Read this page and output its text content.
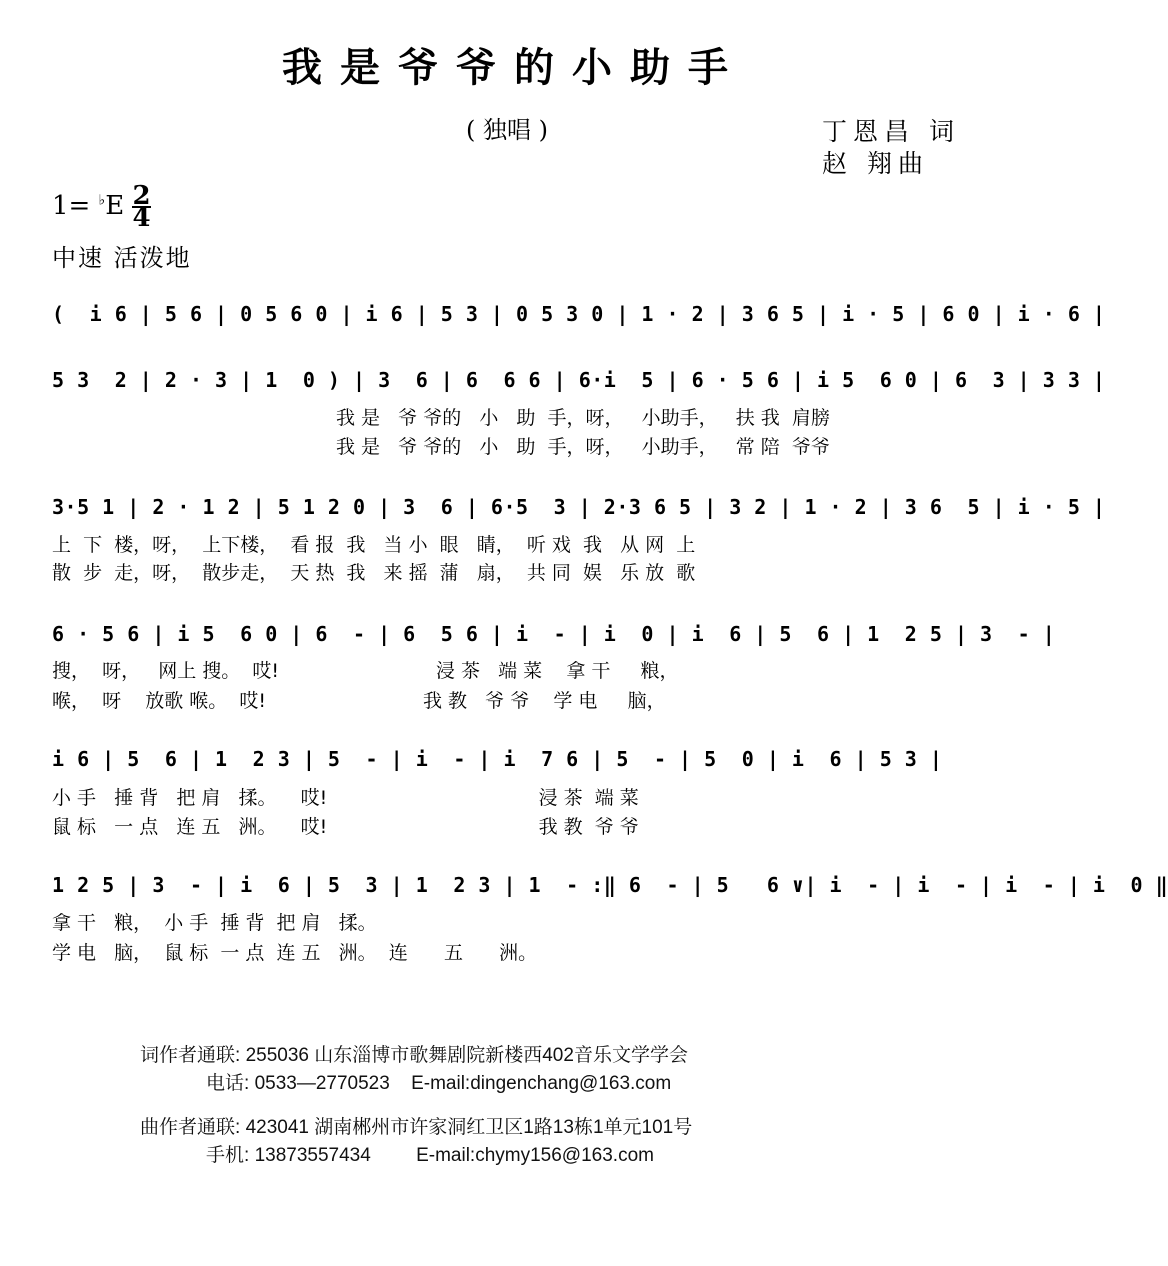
我是爷爷的小助手
( 独唱 )	丁恩昌 词
赵 翔曲
$1= ^♭E \frac{2}{4}$
中速 活泼地
(  i 6 | 5 6 | 0 5 6 0 | i 6 | 5 3 | 0 5 3 0 | 1 · 2 | 3 6 5 | i · 5 | 6 0 | i · 6 |
5 3  2 | 2 · 3 | 1  0 ) | 3  6 | 6  6 6 | 6·i  5 | 6 · 5 6 | i 5  6 0 | 6  3 | 3 3 |
我 是   爷 爷的   小   助  手，呀，   小助手，   扶 我  肩膀
我 是   爷 爷的   小   助  手，呀，   小助手，   常 陪  爷爷
3·5 1 | 2 · 1 2 | 5 1 2 0 | 3  6 | 6·5  3 | 2·3 6 5 | 3 2 | 1 · 2 | 3 6  5 | i · 5 |
上  下  楼，呀，  上下楼，  看 报  我   当 小  眼   睛，  听 戏  我   从 网  上
散  步  走，呀，  散步走，  天 热  我   来 摇  蒲   扇，  共 同  娱   乐 放  歌
6 · 5 6 | i 5  6 0 | 6  - | 6  5 6 | i  - | i  0 | i  6 | 5  6 | 1  2 5 | 3  - |
搜，  呀，   网上 搜。  哎!                          浸 茶   端 菜    拿 干     粮，
喉，  呀    放歌 喉。  哎!                          我 教   爷 爷    学 电     脑，
i 6 | 5  6 | 1  2 3 | 5  - | i  - | i  7 6 | 5  - | 5  0 | i  6 | 5 3 |
小 手   捶 背   把 肩   揉。    哎!                                   浸 茶  端 菜
鼠 标   一 点   连 五   洲。    哎!                                   我 教  爷 爷
1 2 5 | 3  - | i  6 | 5  3 | 1  2 3 | 1  - :‖ 6  - | 5   6 ∨| i  - | i  - | i  - | i  0 ‖
拿 干   粮，  小 手  捶 背  把 肩   揉。
学 电   脑，  鼠 标  一 点  连 五   洲。  连      五      洲。
词作者通联: 255036 山东淄博市歌舞剧院新楼西402音乐文学学会
电话: 0533—2770523 E-mail:dingenchang@163.com
曲作者通联: 423041 湖南郴州市许家洞红卫区1路13栋1单元101号
手机: 13873557434 E-mail:chymy156@163.com
